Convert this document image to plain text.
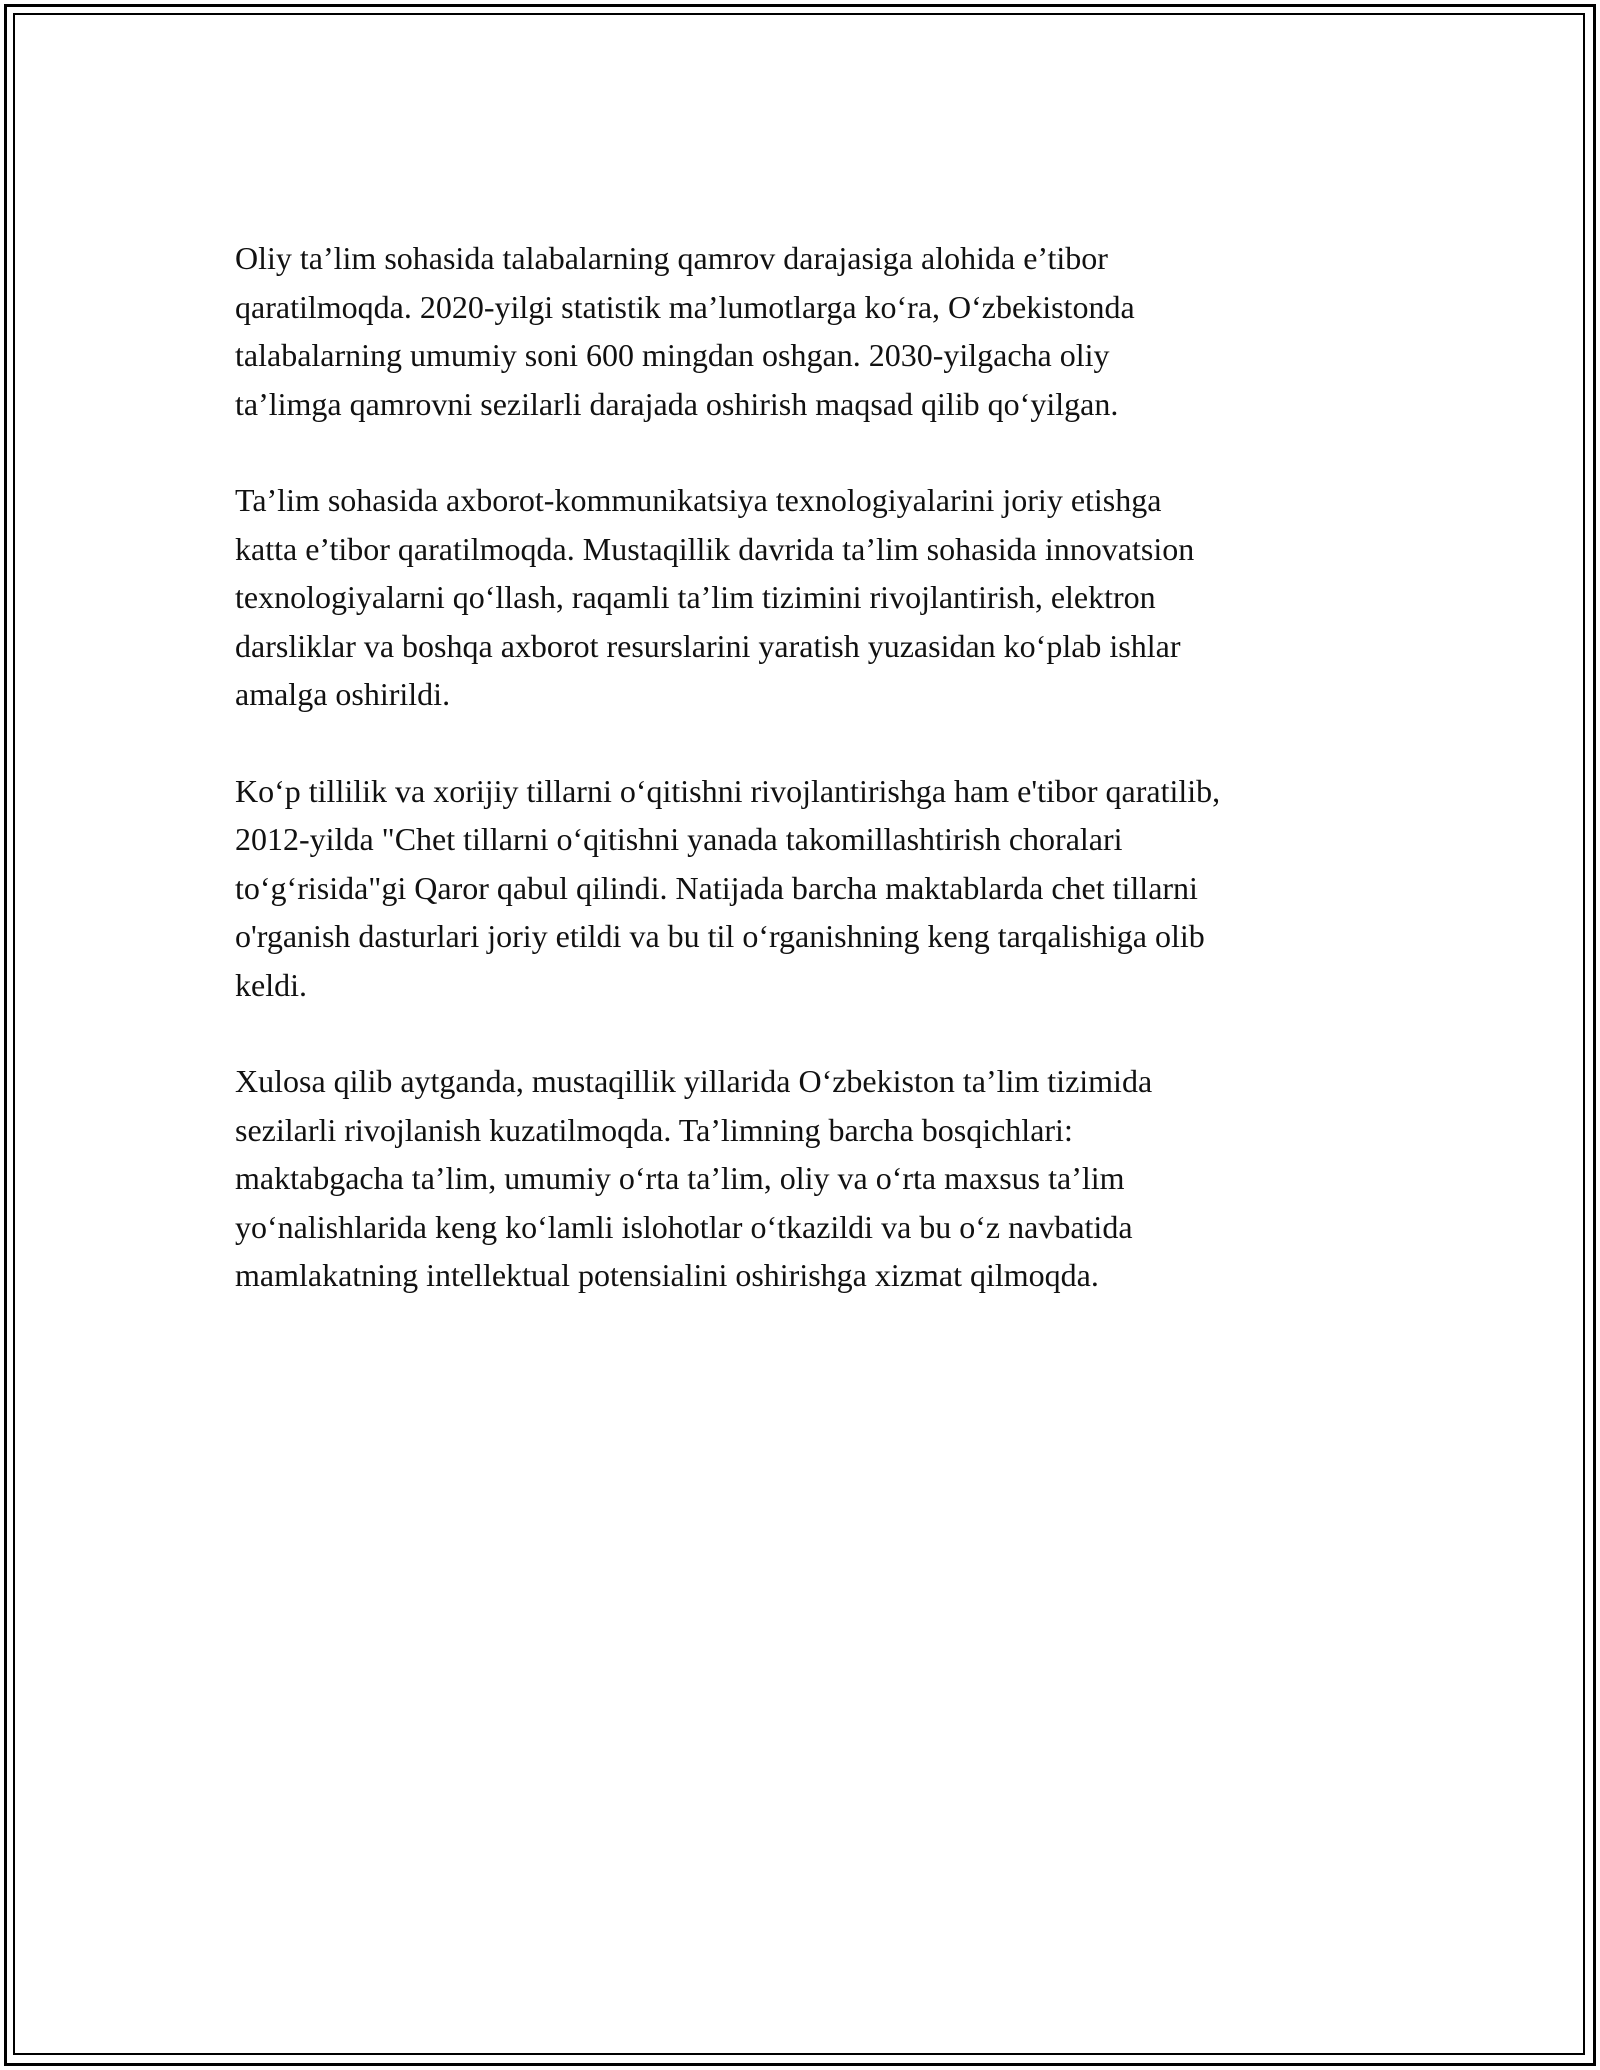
Oliy ta’lim sohasida talabalarning qamrov darajasiga alohida e’tibor
qaratilmoqda. 2020-yilgi statistik ma’lumotlarga ko‘ra, O‘zbekistonda
talabalarning umumiy soni 600 mingdan oshgan. 2030-yilgacha oliy
ta’limga qamrovni sezilarli darajada oshirish maqsad qilib qo‘yilgan.

Ta’lim sohasida axborot-kommunikatsiya texnologiyalarini joriy etishga
katta e’tibor qaratilmoqda. Mustaqillik davrida ta’lim sohasida innovatsion
texnologiyalarni qo‘llash, raqamli ta’lim tizimini rivojlantirish, elektron
darsliklar va boshqa axborot resurslarini yaratish yuzasidan ko‘plab ishlar
amalga oshirildi.

Ko‘p tillilik va xorijiy tillarni o‘qitishni rivojlantirishga ham e'tibor qaratilib,
2012-yilda "Chet tillarni o‘qitishni yanada takomillashtirish choralari
to‘g‘risida"gi Qaror qabul qilindi. Natijada barcha maktablarda chet tillarni
o'rganish dasturlari joriy etildi va bu til o‘rganishning keng tarqalishiga olib
keldi.

Xulosa qilib aytganda, mustaqillik yillarida O‘zbekiston ta’lim tizimida
sezilarli rivojlanish kuzatilmoqda. Ta’limning barcha bosqichlari:
maktabgacha ta’lim, umumiy o‘rta ta’lim, oliy va o‘rta maxsus ta’lim
yo‘nalishlarida keng ko‘lamli islohotlar o‘tkazildi va bu o‘z navbatida
mamlakatning intellektual potensialini oshirishga xizmat qilmoqda.
